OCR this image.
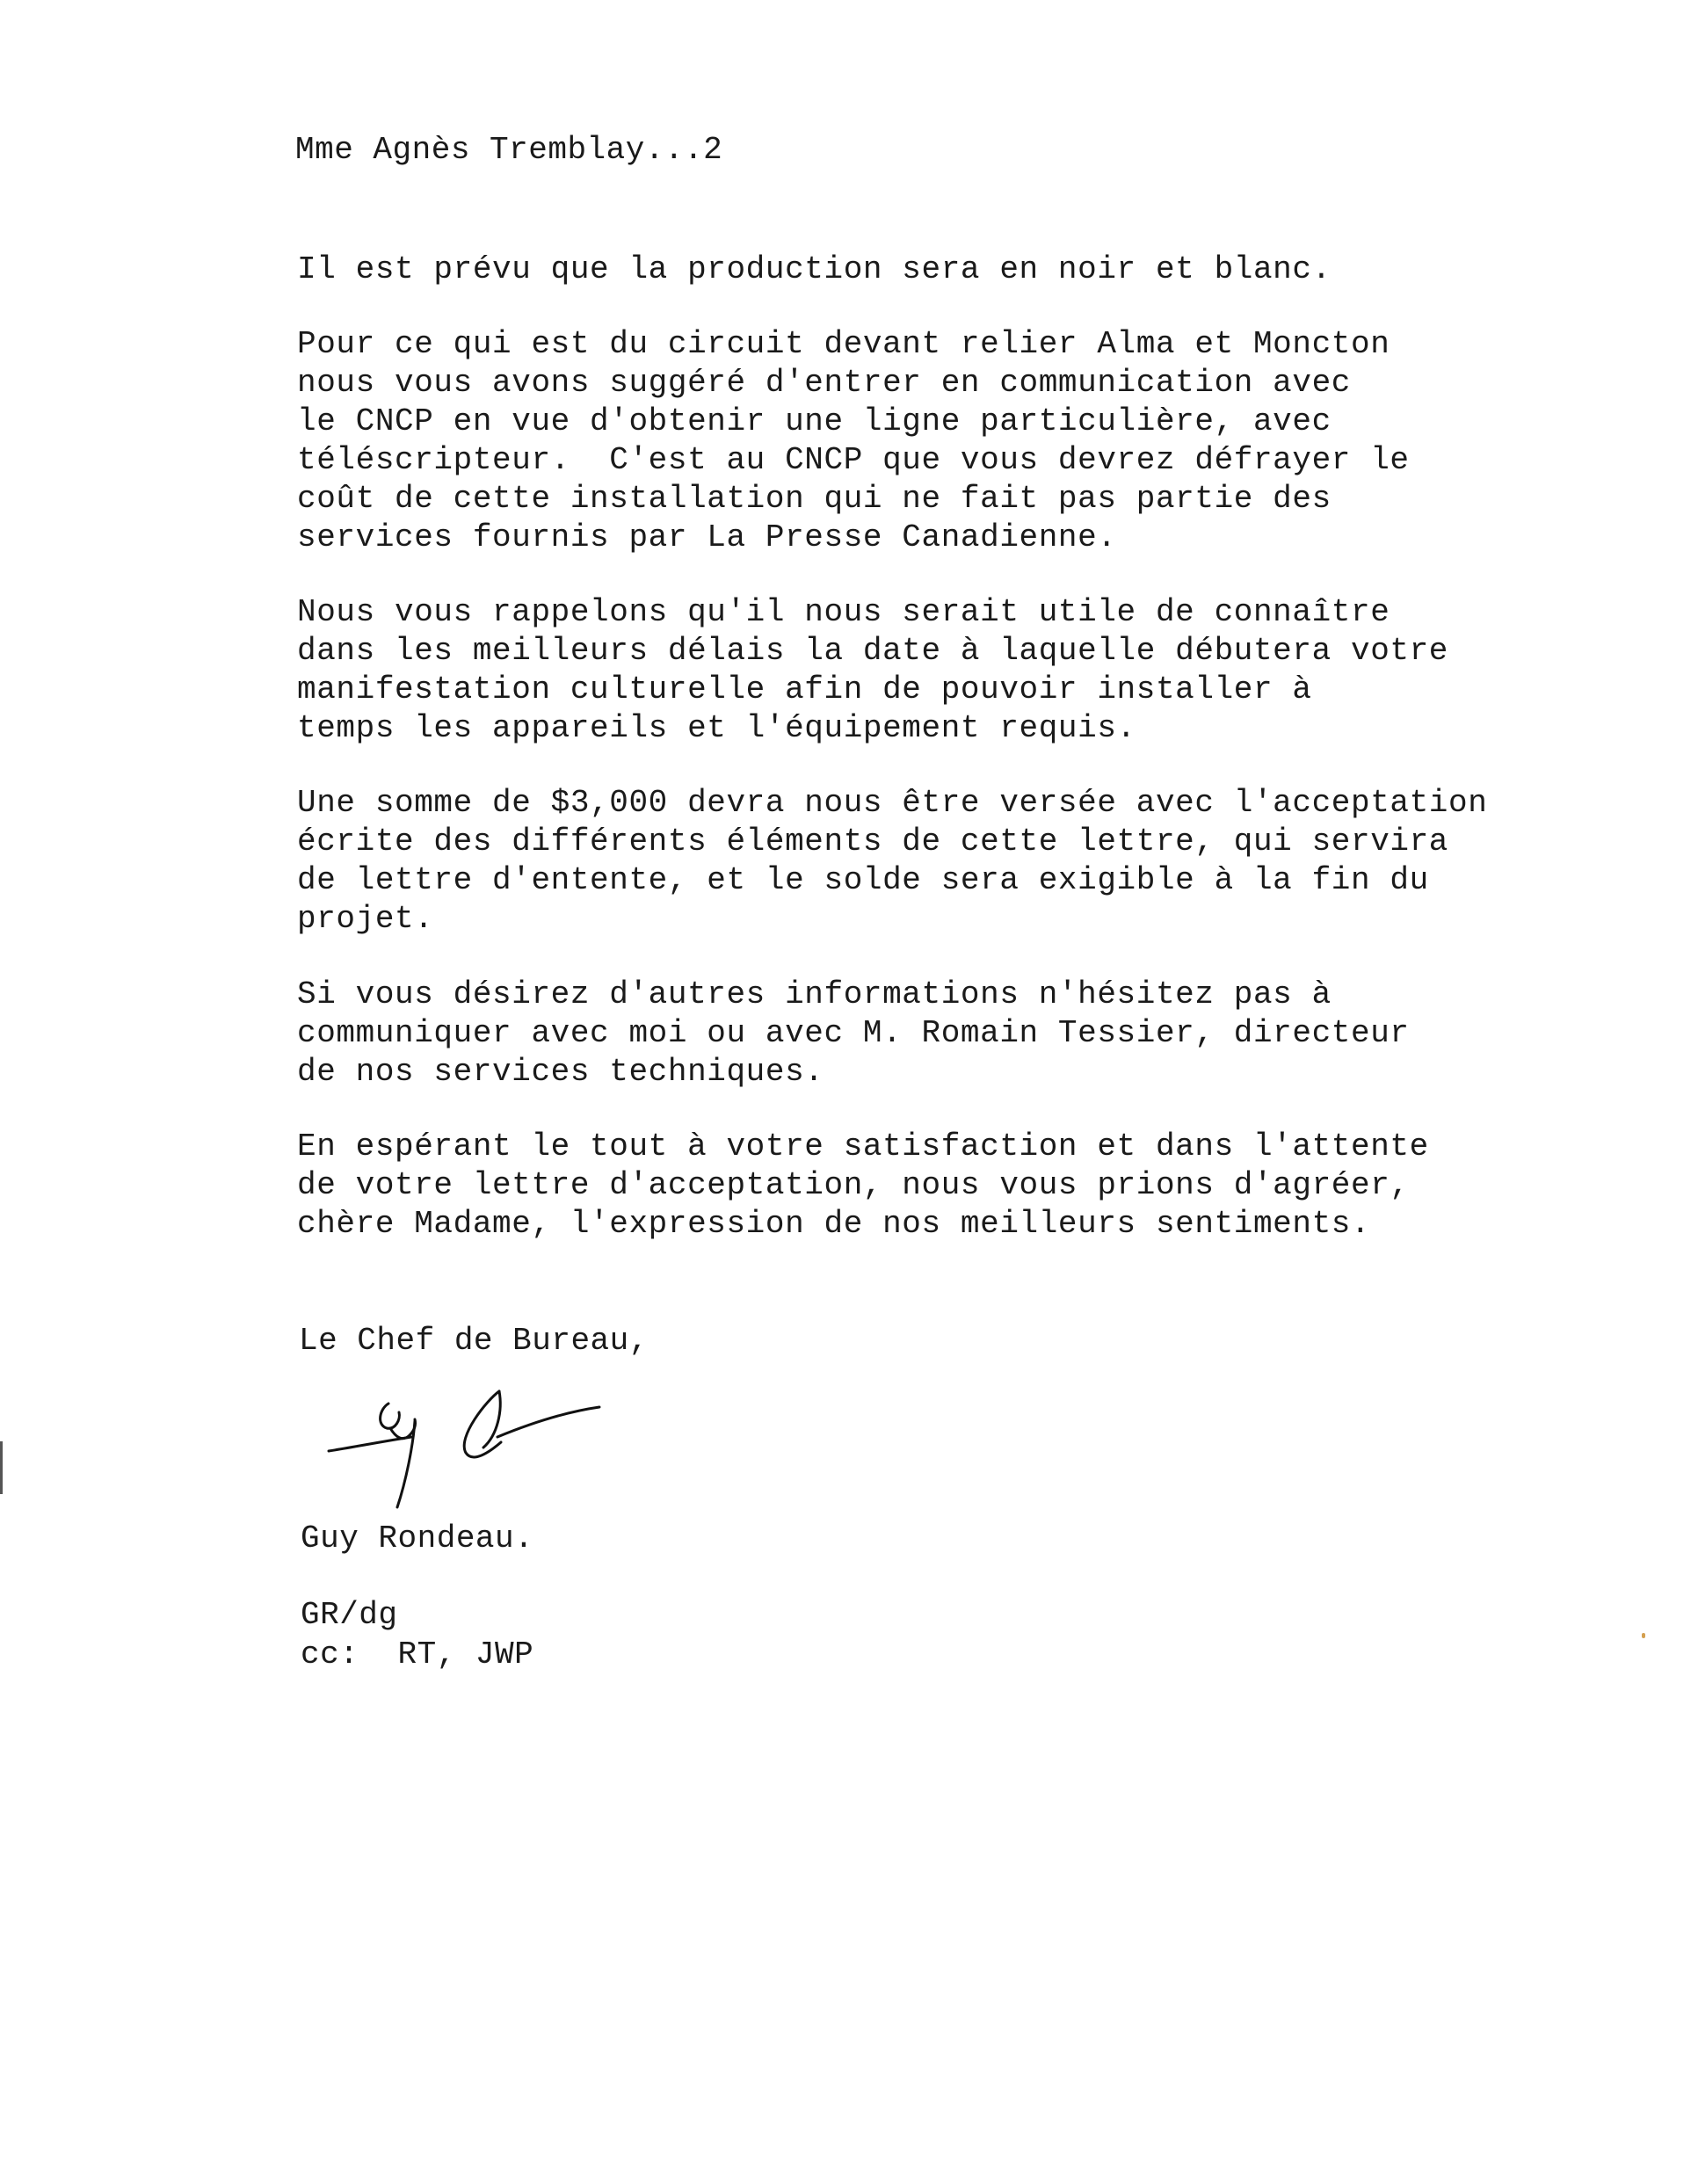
Mme Agnès Tremblay...2
Il est prévu que la production sera en noir et blanc.
Pour ce qui est du circuit devant relier Alma et Moncton
nous vous avons suggéré d'entrer en communication avec
le CNCP en vue d'obtenir une ligne particulière, avec
téléscripteur.  C'est au CNCP que vous devrez défrayer le
coût de cette installation qui ne fait pas partie des
services fournis par La Presse Canadienne.
Nous vous rappelons qu'il nous serait utile de connaître
dans les meilleurs délais la date à laquelle débutera votre
manifestation culturelle afin de pouvoir installer à
temps les appareils et l'équipement requis.
Une somme de $3,000 devra nous être versée avec l'acceptation
écrite des différents éléments de cette lettre, qui servira
de lettre d'entente, et le solde sera exigible à la fin du
projet.
Si vous désirez d'autres informations n'hésitez pas à
communiquer avec moi ou avec M. Romain Tessier, directeur
de nos services techniques.
En espérant le tout à votre satisfaction et dans l'attente
de votre lettre d'acceptation, nous vous prions d'agréer,
chère Madame, l'expression de nos meilleurs sentiments.
Le Chef de Bureau,
Guy Rondeau.
GR/dg
cc:  RT, JWP
